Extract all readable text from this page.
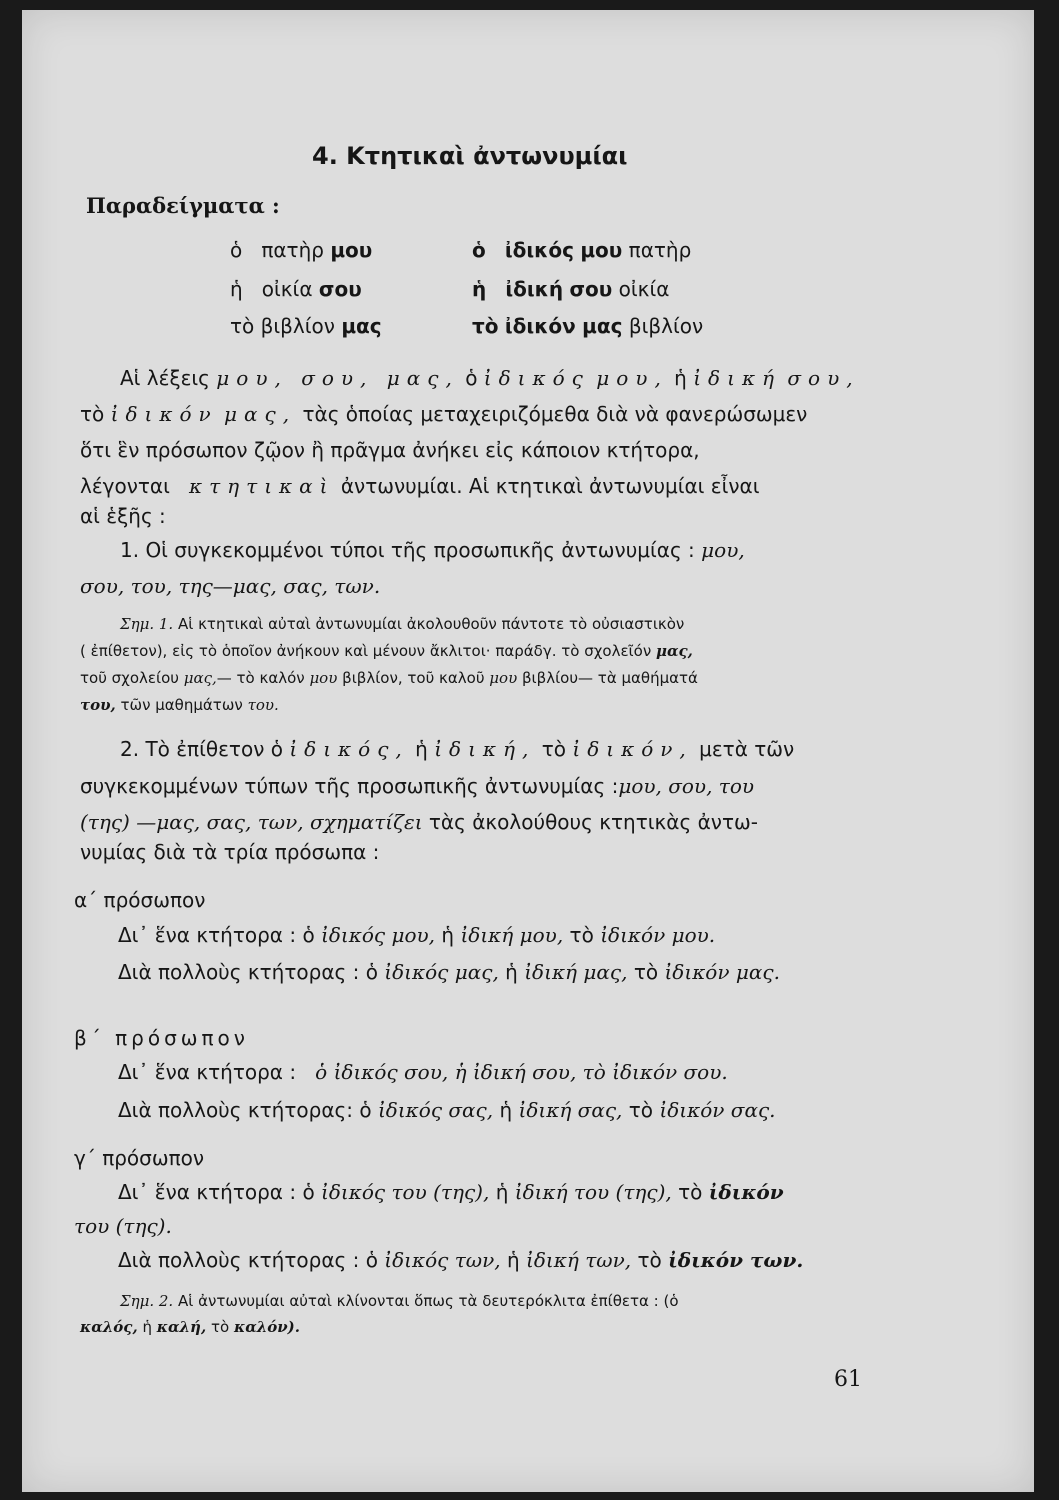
4. Κτητικαὶ ἀντωνυμίαι
Παραδείγματα :
ὁ πατὴρ μου
ἡ οἰκία σου
τὸ βιβλίον μας
ὁ ἰδικός μου πατὴρ
ἡ ἰδική σου οἰκία
τὸ ἰδικόν μας βιβλίον
Αἱ λέξεις μου, σου, μας, ὁ ἰδικός μου, ἡ ἰδική σου,
τὸ ἰδικόν μας, τὰς ὁποίας μεταχειριζόμεθα διὰ νὰ φανερώσωμεν
ὅτι ἓν πρόσωπον ζῷον ἢ πρᾶγμα ἀνήκει εἰς κάποιον κτήτορα,
λέγονται κτητικαὶ ἀντωνυμίαι. Αἱ κτητικαὶ ἀντωνυμίαι εἶναι
αἱ ἑξῆς :
1. Οἱ συγκεκομμένοι τύποι τῆς προσωπικῆς ἀντωνυμίας : μου,
σου, του, της—μας, σας, των.
Σημ. 1. Αἱ κτητικαὶ αὐταὶ ἀντωνυμίαι ἀκολουθοῦν πάντοτε τὸ οὐσιαστικὸν
( ἐπίθετον), εἰς τὸ ὁποῖον ἀνήκουν καὶ μένουν ἄκλιτοι· παράδγ. τὸ σχολεῖόν μας,
τοῦ σχολείου μας,— τὸ καλόν μου βιβλίον, τοῦ καλοῦ μου βιβλίου— τὰ μαθήματά
του, τῶν μαθημάτων του.
2. Τὸ ἐπίθετον ὁ ἰδικός, ἡ ἰδική, τὸ ἰδικόν, μετὰ τῶν
συγκεκομμένων τύπων τῆς προσωπικῆς ἀντωνυμίας :μου, σου, του
(της) —μας, σας, των, σχηματίζει τὰς ἀκολούθους κτητικὰς ἀντω-
νυμίας διὰ τὰ τρία πρόσωπα :
α΄ πρόσωπον
Δι᾿ ἕνα κτήτορα : ὁ ἰδικός μου, ἡ ἰδική μου, τὸ ἰδικόν μου.
Διὰ πολλοὺς κτήτορας : ὁ ἰδικός μας, ἡ ἰδική μας, τὸ ἰδικόν μας.
β΄ πρόσωπον
Δι᾿ ἕνα κτήτορα : ὁ ἰδικός σου, ἡ ἰδική σου, τὸ ἰδικόν σου.
Διὰ πολλοὺς κτήτορας: ὁ ἰδικός σας, ἡ ἰδική σας, τὸ ἰδικόν σας.
γ΄ πρόσωπον
Δι᾿ ἕνα κτήτορα : ὁ ἰδικός του (της), ἡ ἰδική του (της), τὸ ἰδικόν
του (της).
Διὰ πολλοὺς κτήτορας : ὁ ἰδικός των, ἡ ἰδική των, τὸ ἰδικόν των.
Σημ. 2. Αἱ ἀντωνυμίαι αὐταὶ κλίνονται ὅπως τὰ δευτερόκλιτα ἐπίθετα : (ὁ
καλός, ἡ καλή, τὸ καλόν).
61
